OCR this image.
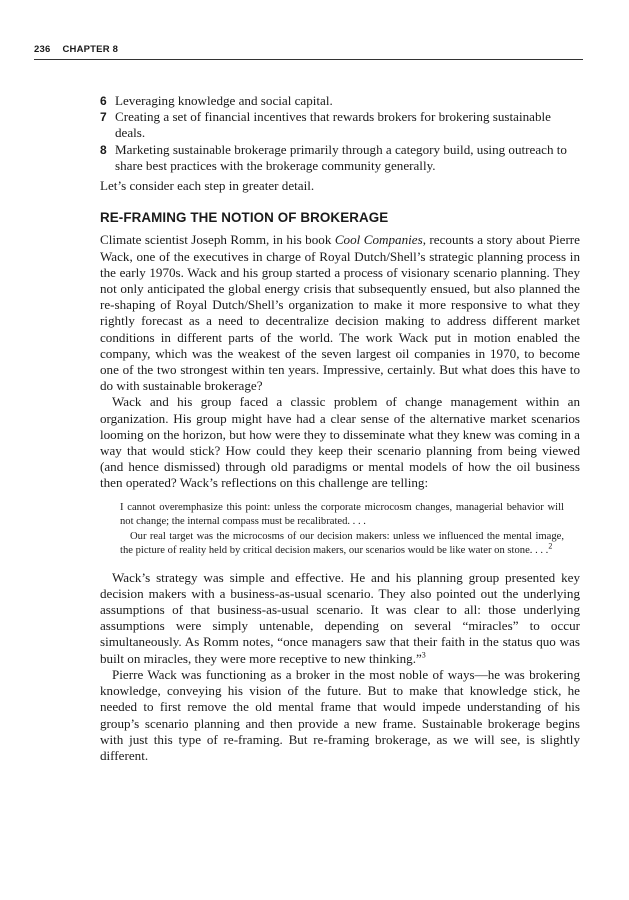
236 CHAPTER 8
6 Leveraging knowledge and social capital.
7 Creating a set of financial incentives that rewards brokers for brokering sustainable deals.
8 Marketing sustainable brokerage primarily through a category build, using outreach to share best practices with the brokerage community generally.

Let’s consider each step in greater detail.

RE-FRAMING THE NOTION OF BROKERAGE

Climate scientist Joseph Romm, in his book Cool Companies, recounts a story about Pierre Wack, one of the executives in charge of Royal Dutch/Shell’s strategic planning process in the early 1970s. Wack and his group started a process of visionary scenario planning. They not only anticipated the global energy crisis that subsequently ensued, but also planned the re-shaping of Royal Dutch/Shell’s organization to make it more responsive to what they rightly forecast as a need to decentralize decision making to address different market conditions in different parts of the world. The work Wack put in motion enabled the company, which was the weakest of the seven largest oil companies in 1970, to become one of the two strongest within ten years. Impressive, certainly. But what does this have to do with sustainable brokerage?

Wack and his group faced a classic problem of change management within an organization. His group might have had a clear sense of the alternative market scenarios looming on the horizon, but how were they to disseminate what they knew was coming in a way that would stick? How could they keep their scenario planning from being viewed (and hence dismissed) through old paradigms or mental models of how the oil business then operated? Wack’s reflections on this challenge are telling:

I cannot overemphasize this point: unless the corporate microcosm changes, managerial behavior will not change; the internal compass must be recalibrated. . . .

Our real target was the microcosms of our decision makers: unless we influenced the mental image, the picture of reality held by critical decision makers, our scenarios would be like water on stone. . . .$^2$

Wack’s strategy was simple and effective. He and his planning group presented key decision makers with a business-as-usual scenario. They also pointed out the underlying assumptions of that business-as-usual scenario. It was clear to all: those underlying assumptions were simply untenable, depending on several “miracles” to occur simultaneously. As Romm notes, “once managers saw that their faith in the status quo was built on miracles, they were more receptive to new thinking.”$^3$

Pierre Wack was functioning as a broker in the most noble of ways—he was brokering knowledge, conveying his vision of the future. But to make that knowledge stick, he needed to first remove the old mental frame that would impede understanding of his group’s scenario planning and then provide a new frame. Sustainable brokerage begins with just this type of re-framing. But re-framing brokerage, as we will see, is slightly different.
